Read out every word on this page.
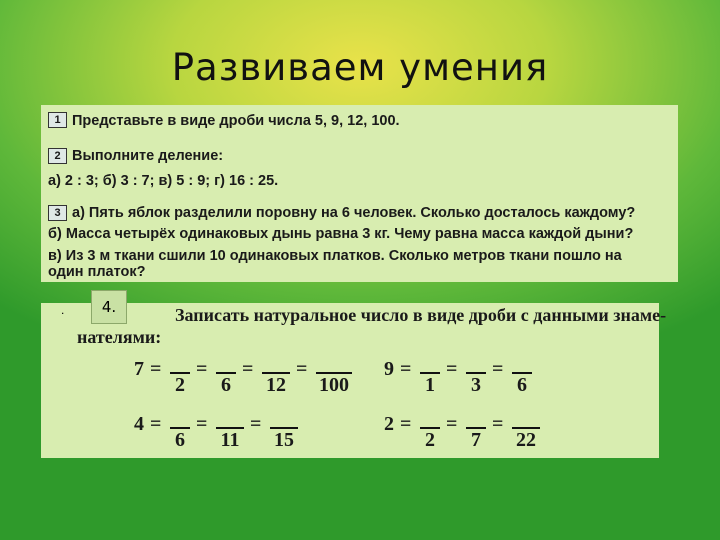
Развиваем умения
1 Представьте в виде дроби числа 5, 9, 12, 100.
2 Выполните деление:
а) 2 : 3; б) 3 : 7; в) 5 : 9; г) 16 : 25.
3 а) Пять яблок разделили поровну на 6 человек. Сколько досталось каждому?
б) Масса четырёх одинаковых дынь равна 3 кг. Чему равна масса каждой дыни?
в) Из 3 м ткани сшили 10 одинаковых платков. Сколько метров ткани пошло на
один платок?
Записать натуральное число в виде дроби с данными знаме-
нателями:
7 =
2
=
6
=
12
=
100
9 =
1
=
3
=
6
4 =
6
=
11
=
15
2 =
2
=
7
=
22
.	4.
